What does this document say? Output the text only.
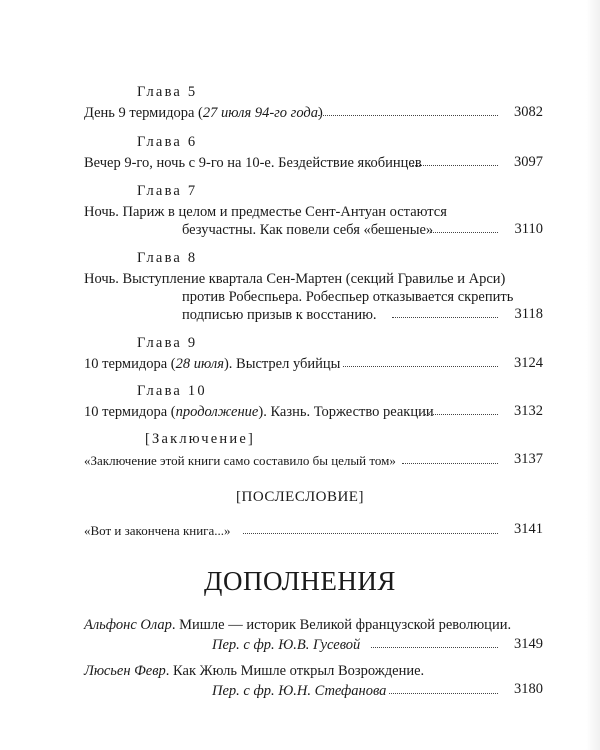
Глава 5
День 9 термидора (27 июля 94-го года)	3082
Глава 6
Вечер 9-го, ночь с 9-го на 10-е. Бездействие якобинцев	3097
Глава 7
Ночь. Париж в целом и предместье Сент-Антуан остаются
безучастны. Как повели себя «бешеные»	3110
Глава 8
Ночь. Выступление квартала Сен-Мартен (секций Гравилье и Арси)
против Робеспьера. Робеспьер отказывается скрепить
подписью призыв к восстанию.	3118
Глава 9
10 термидора (28 июля). Выстрел убийцы	3124
Глава 10
10 термидора (продолжение). Казнь. Торжество реакции	3132
[Заключение]
«Заключение этой книги само составило бы целый том»	3137
[ПОСЛЕСЛОВИЕ]
«Вот и закончена книга...»	3141
ДОПОЛНЕНИЯ
Альфонс Олар. Мишле — историк Великой французской революции.
Пер. с фр. Ю.В. Гусевой	3149
Люсьен Февр. Как Жюль Мишле открыл Возрождение.
Пер. с фр. Ю.Н. Стефанова	3180
